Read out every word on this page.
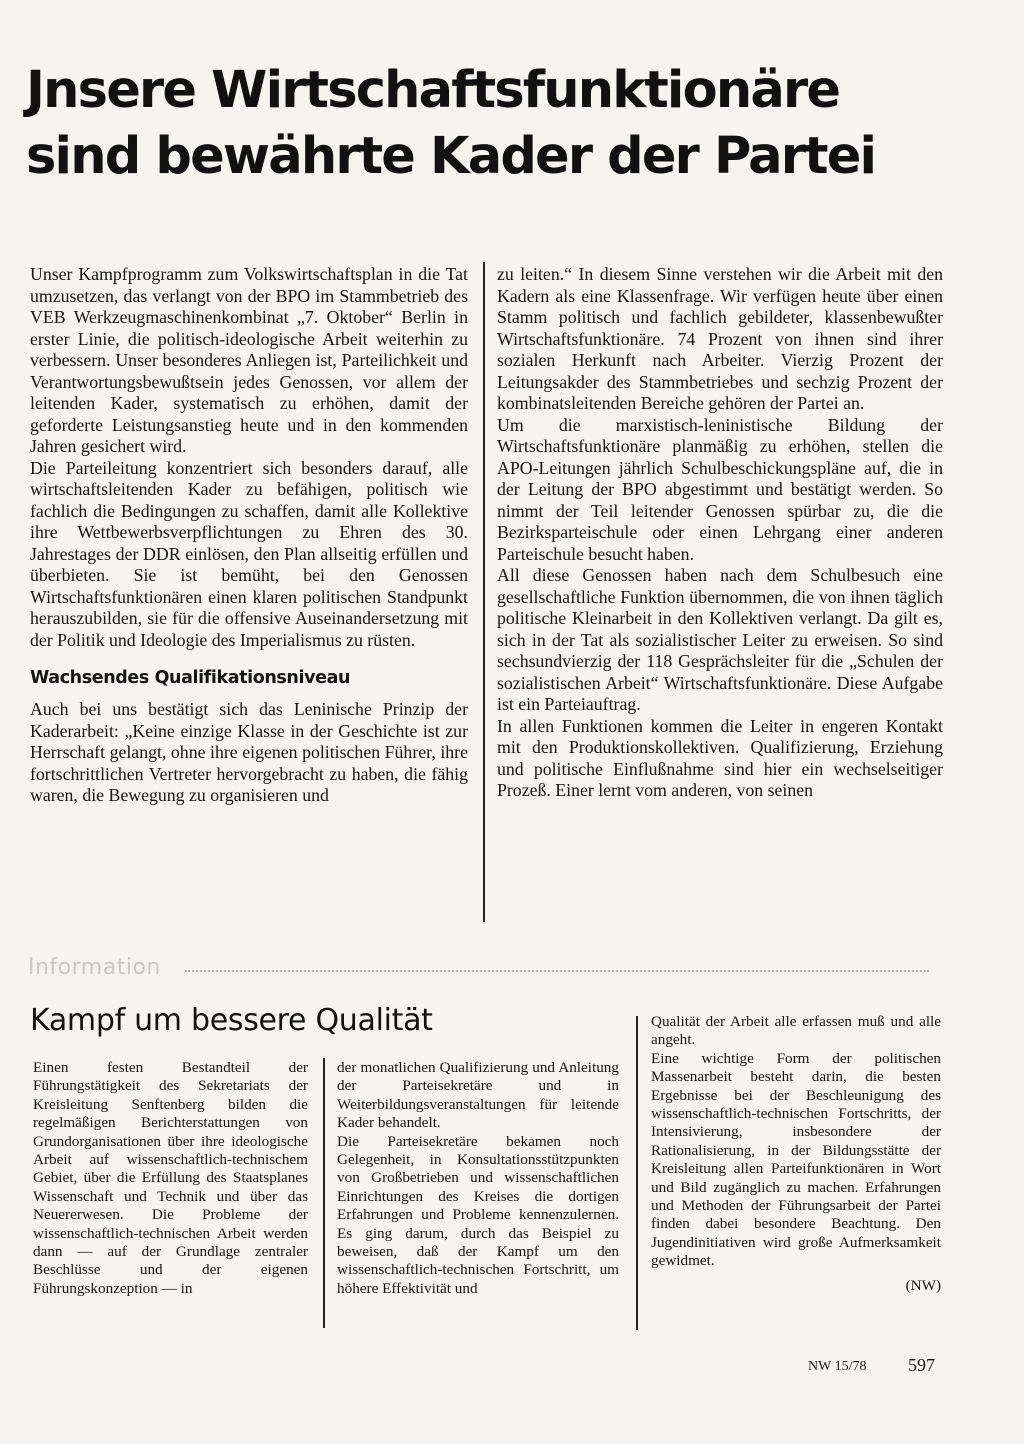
Jnsere Wirtschaftsfunktionäre
sind bewährte Kader der Partei

Unser Kampfprogramm zum Volkswirtschaftsplan in die Tat umzusetzen, das verlangt von der BPO im Stammbetrieb des VEB Werkzeugmaschinenkombinat „7. Oktober“ Berlin in erster Linie, die politisch-ideologische Arbeit weiterhin zu verbessern. Unser besonderes Anliegen ist, Parteilichkeit und Verantwortungsbewußtsein jedes Genossen, vor allem der leitenden Kader, systematisch zu erhöhen, damit der geforderte Leistungsanstieg heute und in den kommenden Jahren gesichert wird.

Die Parteileitung konzentriert sich besonders darauf, alle wirtschaftsleitenden Kader zu befähigen, politisch wie fachlich die Bedingungen zu schaffen, damit alle Kollektive ihre Wettbewerbsverpflichtungen zu Ehren des 30. Jahrestages der DDR einlösen, den Plan allseitig erfüllen und überbieten. Sie ist bemüht, bei den Genossen Wirtschaftsfunktionären einen klaren politischen Standpunkt herauszubilden, sie für die offensive Auseinandersetzung mit der Politik und Ideologie des Imperialismus zu rüsten.

Wachsendes Qualifikationsniveau

Auch bei uns bestätigt sich das Leninische Prinzip der Kaderarbeit: „Keine einzige Klasse in der Geschichte ist zur Herrschaft gelangt, ohne ihre eigenen politischen Führer, ihre fortschrittlichen Vertreter hervorgebracht zu haben, die fähig waren, die Bewegung zu organisieren und

zu leiten.“ In diesem Sinne verstehen wir die Arbeit mit den Kadern als eine Klassenfrage. Wir verfügen heute über einen Stamm politisch und fachlich gebildeter, klassenbewußter Wirtschaftsfunktionäre. 74 Prozent von ihnen sind ihrer sozialen Herkunft nach Arbeiter. Vierzig Prozent der Leitungsakder des Stammbetriebes und sechzig Prozent der kombinatsleitenden Bereiche gehören der Partei an.

Um die marxistisch-leninistische Bildung der Wirtschaftsfunktionäre planmäßig zu erhöhen, stellen die APO-Leitungen jährlich Schulbeschickungspläne auf, die in der Leitung der BPO abgestimmt und bestätigt werden. So nimmt der Teil leitender Genossen spürbar zu, die die Bezirksparteischule oder einen Lehrgang einer anderen Parteischule besucht haben.

All diese Genossen haben nach dem Schulbesuch eine gesellschaftliche Funktion übernommen, die von ihnen täglich politische Kleinarbeit in den Kollektiven verlangt. Da gilt es, sich in der Tat als sozialistischer Leiter zu erweisen. So sind sechsundvierzig der 118 Gesprächsleiter für die „Schulen der sozialistischen Arbeit“ Wirtschaftsfunktionäre. Diese Aufgabe ist ein Parteiauftrag.

In allen Funktionen kommen die Leiter in engeren Kontakt mit den Produktionskollektiven. Qualifizierung, Erziehung und politische Einflußnahme sind hier ein wechselseitiger Prozeß. Einer lernt vom anderen, von seinen

Information
Kampf um bessere Qualität

Einen festen Bestandteil der Führungstätigkeit des Sekretariats der Kreisleitung Senftenberg bilden die regelmäßigen Berichterstattungen von Grundorganisationen über ihre ideologische Arbeit auf wissenschaftlich-technischem Gebiet, über die Erfüllung des Staatsplanes Wissenschaft und Technik und über das Neuererwesen. Die Probleme der wissenschaftlich-technischen Arbeit werden dann — auf der Grundlage zentraler Beschlüsse und der eigenen Führungskonzeption — in

der monatlichen Qualifizierung und Anleitung der Parteisekretäre und in Weiterbildungsveranstaltungen für leitende Kader behandelt.

Die Parteisekretäre bekamen noch Gelegenheit, in Konsultationsstützpunkten von Großbetrieben und wissenschaftlichen Einrichtungen des Kreises die dortigen Erfahrungen und Probleme kennenzulernen. Es ging darum, durch das Beispiel zu beweisen, daß der Kampf um den wissenschaftlich-technischen Fortschritt, um höhere Effektivität und

Qualität der Arbeit alle erfassen muß und alle angeht.

Eine wichtige Form der politischen Massenarbeit besteht darin, die besten Ergebnisse bei der Beschleunigung des wissenschaftlich-technischen Fortschritts, der Intensivierung, insbesondere der Rationalisierung, in der Bildungsstätte der Kreisleitung allen Parteifunktionären in Wort und Bild zugänglich zu machen. Erfahrungen und Methoden der Führungsarbeit der Partei finden dabei besondere Beachtung. Den Jugendinitiativen wird große Aufmerksamkeit gewidmet.

(NW)

NW 15/78 597
